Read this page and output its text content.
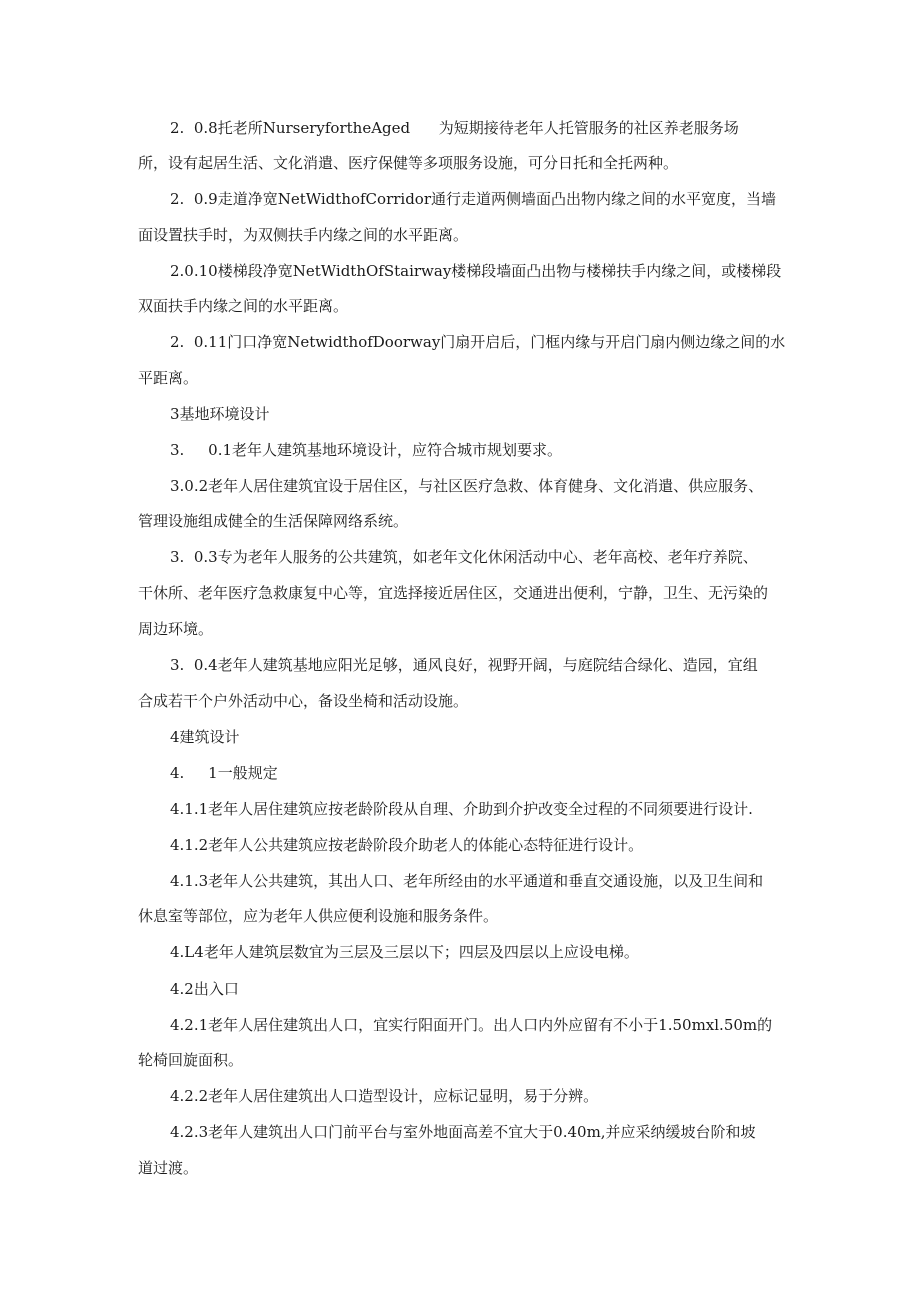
2.  0.8托老所NurseryfortheAged      为短期接待老年人托管服务的社区养老服务场

所，设有起居生活、文化消遣、医疗保健等多项服务设施，可分日托和全托两种。

2.  0.9走道净宽NetWidthofCorridor通行走道两侧墙面凸出物内缘之间的水平宽度，当墙

面设置扶手时，为双侧扶手内缘之间的水平距离。

2.0.10楼梯段净宽NetWidthOfStairway楼梯段墙面凸出物与楼梯扶手内缘之间，或楼梯段

双面扶手内缘之间的水平距离。

2.  0.11门口净宽NetwidthofDoorway门扇开启后，门框内缘与开启门扇内侧边缘之间的水

平距离。

3基地环境设计

3.     0.1老年人建筑基地环境设计，应符合城市规划要求。

3.0.2老年人居住建筑宜设于居住区，与社区医疗急救、体育健身、文化消遣、供应服务、

管理设施组成健全的生活保障网络系统。

3.  0.3专为老年人服务的公共建筑，如老年文化休闲活动中心、老年高校、老年疗养院、

干休所、老年医疗急救康复中心等，宜选择接近居住区，交通进出便利，宁静，卫生、无污染的

周边环境。

3.  0.4老年人建筑基地应阳光足够，通风良好，视野开阔，与庭院结合绿化、造园，宜组

合成若干个户外活动中心，备设坐椅和活动设施。

4建筑设计

4.     1一般规定

4.1.1老年人居住建筑应按老龄阶段从自理、介助到介护改变全过程的不同须要进行设计.

4.1.2老年人公共建筑应按老龄阶段介助老人的体能心态特征进行设计。

4.1.3老年人公共建筑，其出人口、老年所经由的水平通道和垂直交通设施，以及卫生间和

休息室等部位，应为老年人供应便利设施和服务条件。

4.L4老年人建筑层数宜为三层及三层以下；四层及四层以上应设电梯。

4.2出入口

4.2.1老年人居住建筑出人口，宜实行阳面开门。出人口内外应留有不小于1.50mxl.50m的

轮椅回旋面积。

4.2.2老年人居住建筑出人口造型设计，应标记显明，易于分辨。

4.2.3老年人建筑出人口门前平台与室外地面高差不宜大于0.40m,并应采纳缓坡台阶和坡

道过渡。
